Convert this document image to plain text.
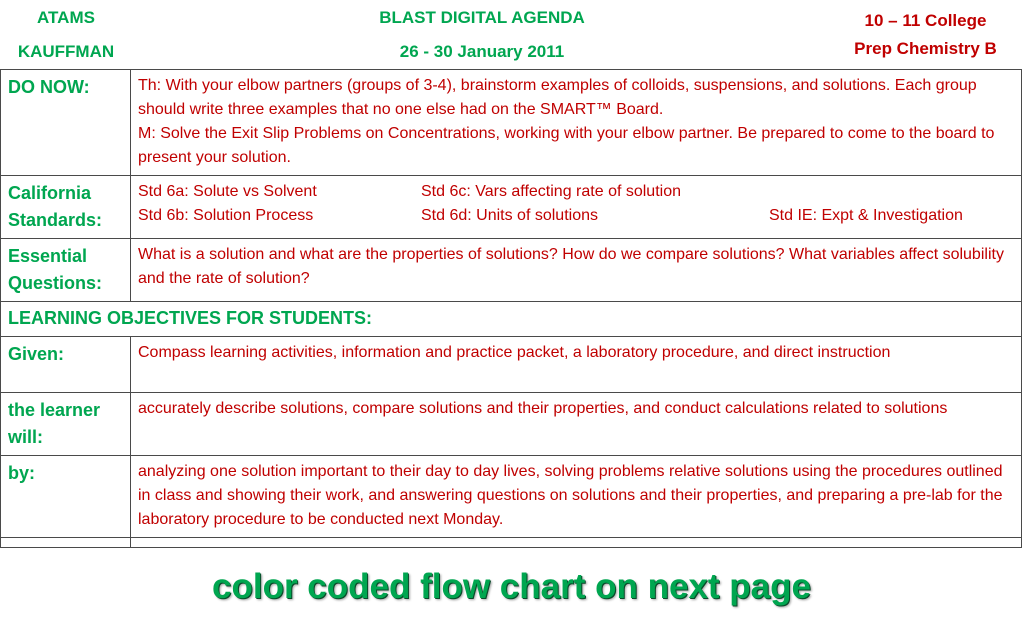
ATAMS
KAUFFMAN
BLAST DIGITAL AGENDA
26 - 30 January 2011
10 – 11 College
Prep Chemistry B
DO NOW:	Th: With your elbow partners (groups of 3-4), brainstorm examples of colloids, suspensions, and solutions. Each group should write three examples that no one else had on the SMART™ Board.
M: Solve the Exit Slip Problems on Concentrations, working with your elbow partner. Be prepared to come to the board to present your solution.

California Standards:	Std 6a: Solute vs Solvent Std 6c: Vars affecting rate of solution
Std 6b: Solution Process Std 6d: Units of solutions Std IE: Expt & Investigation

Essential Questions:	What is a solution and what are the properties of solutions? How do we compare solutions? What variables affect solubility and the rate of solution?
LEARNING OBJECTIVES FOR STUDENTS:	
Given:	Compass learning activities, information and practice packet, a laboratory procedure, and direct instruction
the learner will:	accurately describe solutions, compare solutions and their properties, and conduct calculations related to solutions
by:	analyzing one solution important to their day to day lives, solving problems relative solutions using the procedures outlined in class and showing their work, and answering questions on solutions and their properties, and preparing a pre-lab for the laboratory procedure to be conducted next Monday.

color coded flow chart on next page
